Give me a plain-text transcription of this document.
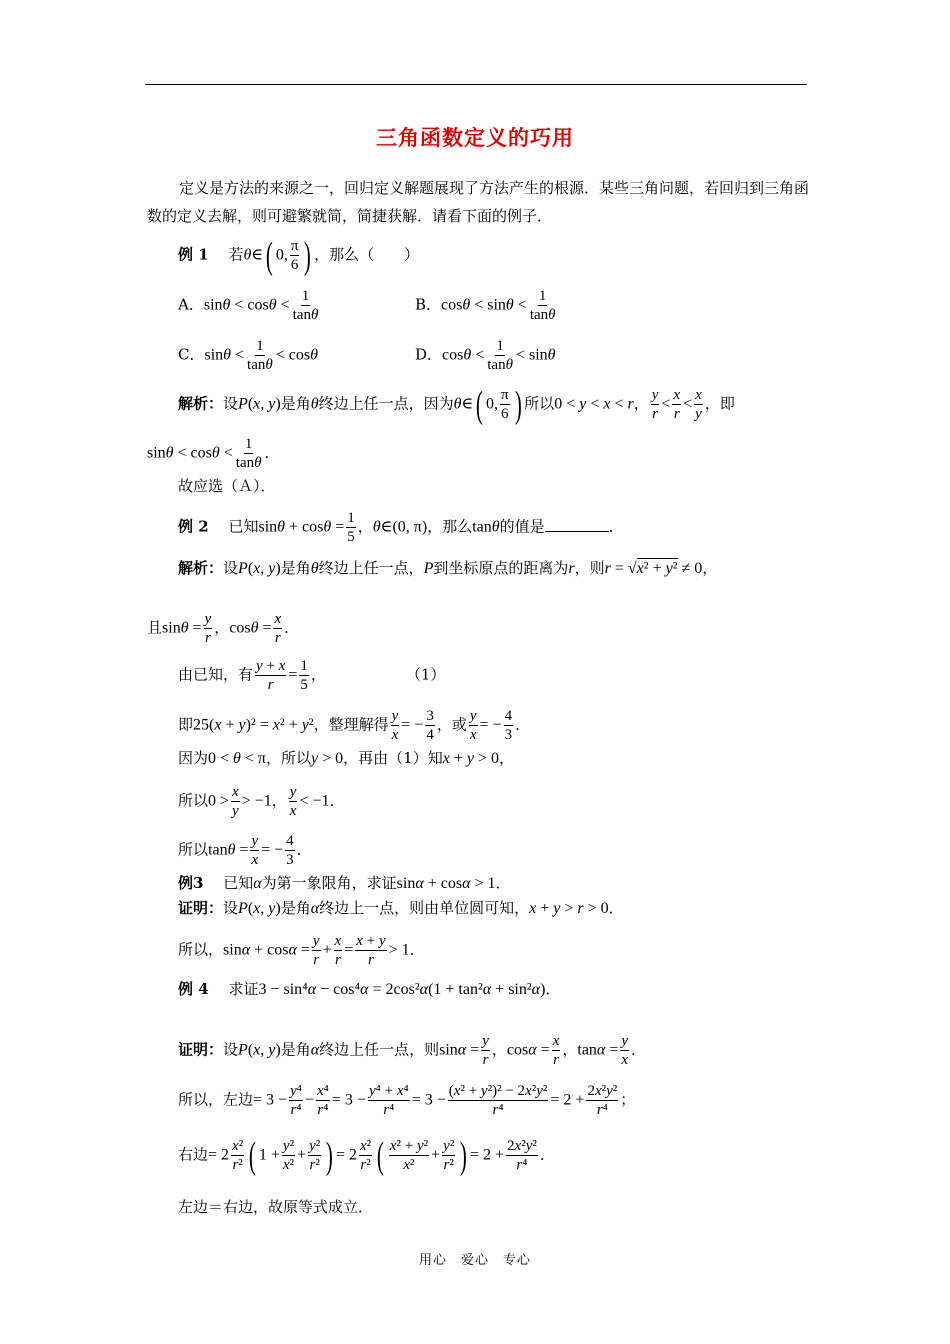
三角函数定义的巧用
定义是方法的来源之一，回归定义解题展现了方法产生的根源．某些三角问题，若回归到三角函数的定义去解，则可避繁就简，简捷获解．请看下面的例子．
例 1　 若θ∈( 0, $\frac{\pi}{6}$ ) ，那么（　　）
A．$\sin\theta < \cos\theta < \frac{1}{\tan\theta}$	B．$\cos\theta < \sin\theta < \frac{1}{\tan\theta}$
C．$\sin\theta < \frac{1}{\tan\theta} < \cos\theta$	D．$\cos\theta < \frac{1}{\tan\theta} < \sin\theta$
解析：设P(x, y)是角θ终边上任一点，因为θ∈( 0, $\frac{\pi}{6}$ ) 所以0 < y < x < r， $\frac{y}{r} < \frac{x}{r} < \frac{x}{y}$ ，即
$\sin\theta < \cos\theta < \frac{1}{\tan\theta}$ ．
故应选（Ａ）．
例 2　 已知$\sin\theta + \cos\theta = \frac{1}{5}$ ，θ∈(0, π)，那么tanθ的值是	．
解析：设P(x, y)是角θ终边上任一点，P到坐标原点的距离为r，则r = √x² + y² ≠ 0，
且$\sin\theta = \frac{y}{r}$ ，$\cos\theta = \frac{x}{r}$ ．
由已知，有 $\frac{y + x}{r} = \frac{1}{5}$ ，	（1）
即25(x + y)² = x² + y²，整理解得 $\frac{y}{x}$ = − $\frac{3}{4}$ ，或 $\frac{y}{x}$ = − $\frac{4}{3}$ ．
因为0 < θ < π，所以y > 0，再由（1）知x + y > 0，
所以$0 > \frac{x}{y} > -1$， $\frac{y}{x} < -1$．
所以$\tan\theta = \frac{y}{x}$ = − $\frac{4}{3}$ ．
例3　 已知α为第一象限角，求证sinα + cosα > 1．
证明：设P(x, y)是角α终边上一点，则由单位圆可知，x + y > r > 0．
所以，$\sin\alpha + \cos\alpha = \frac{y}{r} + \frac{x}{r} = \frac{x + y}{r} > 1$．
例 4　 求证3 − sin⁴α − cos⁴α = 2cos²α(1 + tan²α + sin²α)．
证明：设P(x, y)是角α终边上任一点，则$\sin\alpha = \frac{y}{r}$ ，$\cos\alpha = \frac{x}{r}$ ，$\tan\alpha = \frac{y}{x}$ ．
所以，左边= $3 - \frac{\text{y⁴}}{\text{r⁴}} - \frac{\text{x⁴}}{\text{r⁴}} = 3 - \frac{\text{y⁴ + x⁴}}{\text{r⁴}} = 3 - \frac{\text{(x² + y²)² − 2x²y²}}{\text{r⁴}} = 2 + \frac{\text{2x²y²}}{\text{r⁴}}$ ；
右边= $2 \frac{\text{x²}}{\text{r²}}$ ( $1 + \frac{\text{y²}}{\text{x²}} + \frac{\text{y²}}{\text{r²}}$ ) = $2 \frac{\text{x²}}{\text{r²}}$ ( $\frac{\text{x² + y²}}{\text{x²}} + \frac{\text{y²}}{\text{r²}}$ ) = $2 + \frac{\text{2x²y²}}{\text{r⁴}}$ ．
左边＝右边，故原等式成立．
用心　爱心　专心
